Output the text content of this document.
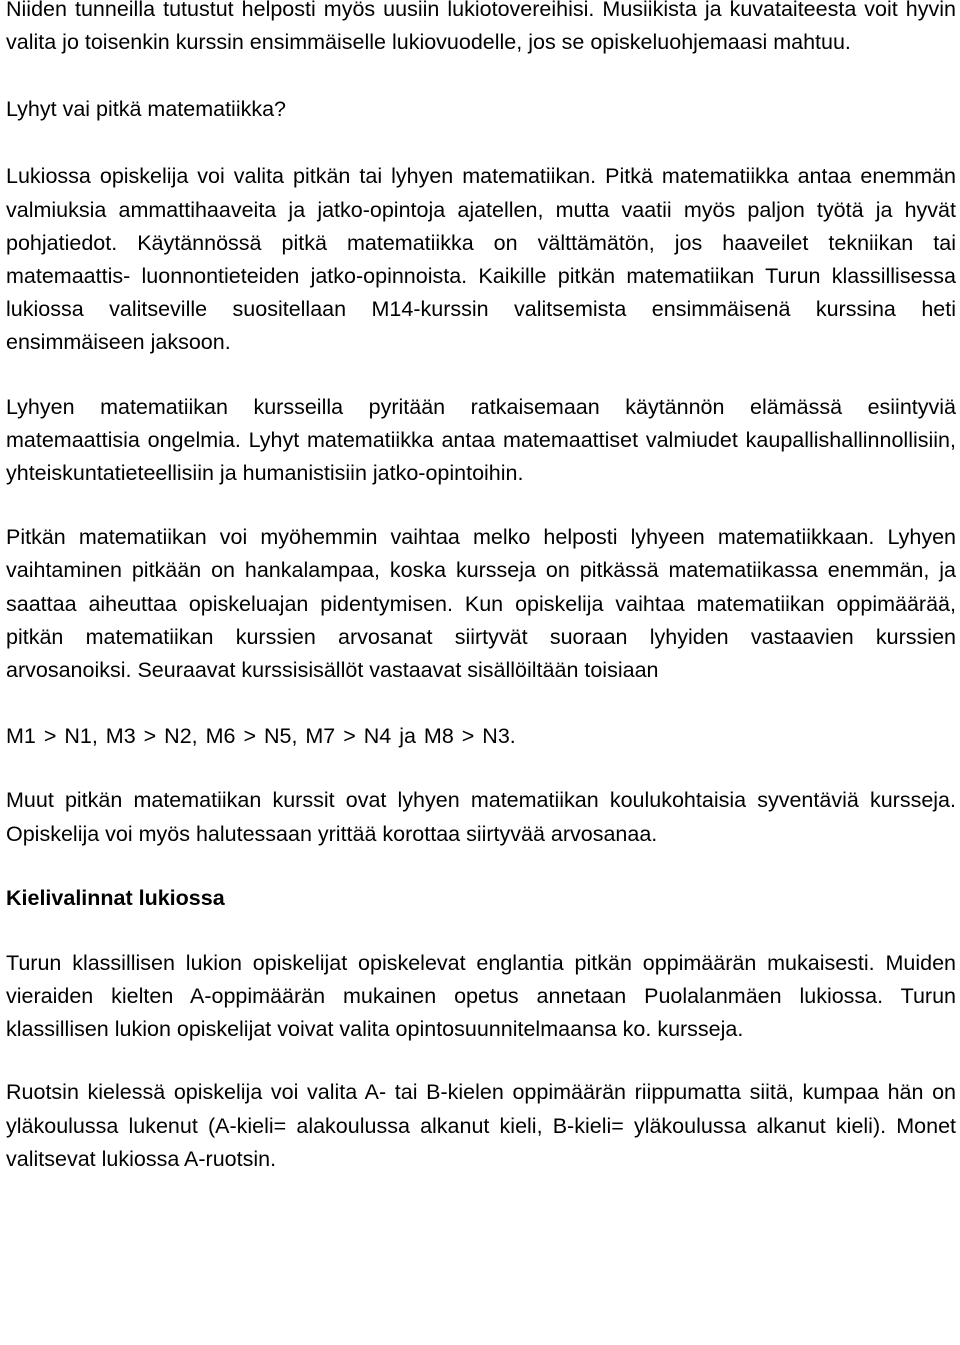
Niiden tunneilla tutustut helposti myös uusiin lukiotovereihisi. Musiikista ja kuvataiteesta voit hyvin valita jo toisenkin kurssin ensimmäiselle lukiovuodelle, jos se opiskeluohjemaasi mahtuu.

Lyhyt vai pitkä matematiikka?

Lukiossa opiskelija voi valita pitkän tai lyhyen matematiikan. Pitkä matematiikka antaa enemmän valmiuksia ammattihaaveita ja jatko-opintoja ajatellen, mutta vaatii myös paljon työtä ja hyvät pohjatiedot. Käytännössä pitkä matematiikka on välttämätön, jos haaveilet tekniikan tai matemaattis- luonnontieteiden jatko-opinnoista. Kaikille pitkän matematiikan Turun klassillisessa lukiossa valitseville suositellaan M14-kurssin valitsemista ensimmäisenä kurssina heti ensimmäiseen jaksoon.

Lyhyen matematiikan kursseilla pyritään ratkaisemaan käytännön elämässä esiintyviä matemaattisia ongelmia. Lyhyt matematiikka antaa matemaattiset valmiudet kaupallishallinnollisiin, yhteiskuntatieteellisiin ja humanistisiin jatko-opintoihin.

Pitkän matematiikan voi myöhemmin vaihtaa melko helposti lyhyeen matematiikkaan. Lyhyen vaihtaminen pitkään on hankalampaa, koska kursseja on pitkässä matematiikassa enemmän, ja saattaa aiheuttaa opiskeluajan pidentymisen. Kun opiskelija vaihtaa matematiikan oppimäärää, pitkän matematiikan kurssien arvosanat siirtyvät suoraan lyhyiden vastaavien kurssien arvosanoiksi. Seuraavat kurssisisällöt vastaavat sisällöiltään toisiaan

M1 > N1, M3 > N2, M6 > N5, M7 > N4 ja M8 > N3.

Muut pitkän matematiikan kurssit ovat lyhyen matematiikan koulukohtaisia syventäviä kursseja. Opiskelija voi myös halutessaan yrittää korottaa siirtyvää arvosanaa.

Kielivalinnat lukiossa

Turun klassillisen lukion opiskelijat opiskelevat englantia pitkän oppimäärän mukaisesti. Muiden vieraiden kielten A-oppimäärän mukainen opetus annetaan Puolalanmäen lukiossa. Turun klassillisen lukion opiskelijat voivat valita opintosuunnitelmaansa ko. kursseja.

Ruotsin kielessä opiskelija voi valita A- tai B-kielen oppimäärän riippumatta siitä, kumpaa hän on yläkoulussa lukenut (A-kieli= alakoulussa alkanut kieli, B-kieli= yläkoulussa alkanut kieli). Monet valitsevat lukiossa A-ruotsin.
